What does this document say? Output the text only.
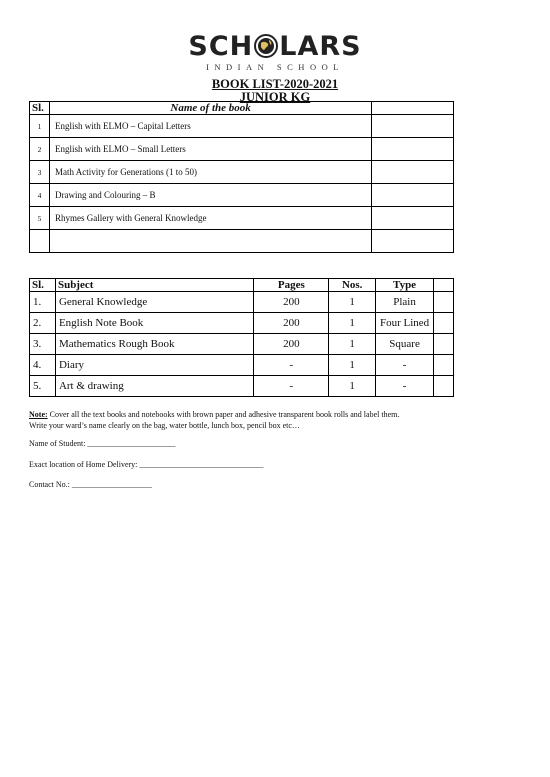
SCH LARS
INDIAN SCHOOL
BOOK LIST-2020-2021
JUNIOR KG
Sl.	Name of the book	
1	English with ELMO – Capital Letters	
2	English with ELMO – Small Letters	
3	Math Activity for Generations (1 to 50)	
4	Drawing and Colouring – B	
5	Rhymes Gallery with General Knowledge	

Sl.	Subject	Pages	Nos.	Type	
1.	General Knowledge	200	1	Plain	
2.	English Note Book	200	1	Four Lined	
3.	Mathematics Rough Book	200	1	Square	
4.	Diary	-	1	-	
5.	Art & drawing	-	1	-	
Note: Cover all the text books and notebooks with brown paper and adhesive transparent book rolls and label them.
Write your ward’s name clearly on the bag, water bottle, lunch box, pencil box etc…
Name of Student: ______________________
Exact location of Home Delivery: _______________________________
Contact No.: ____________________
